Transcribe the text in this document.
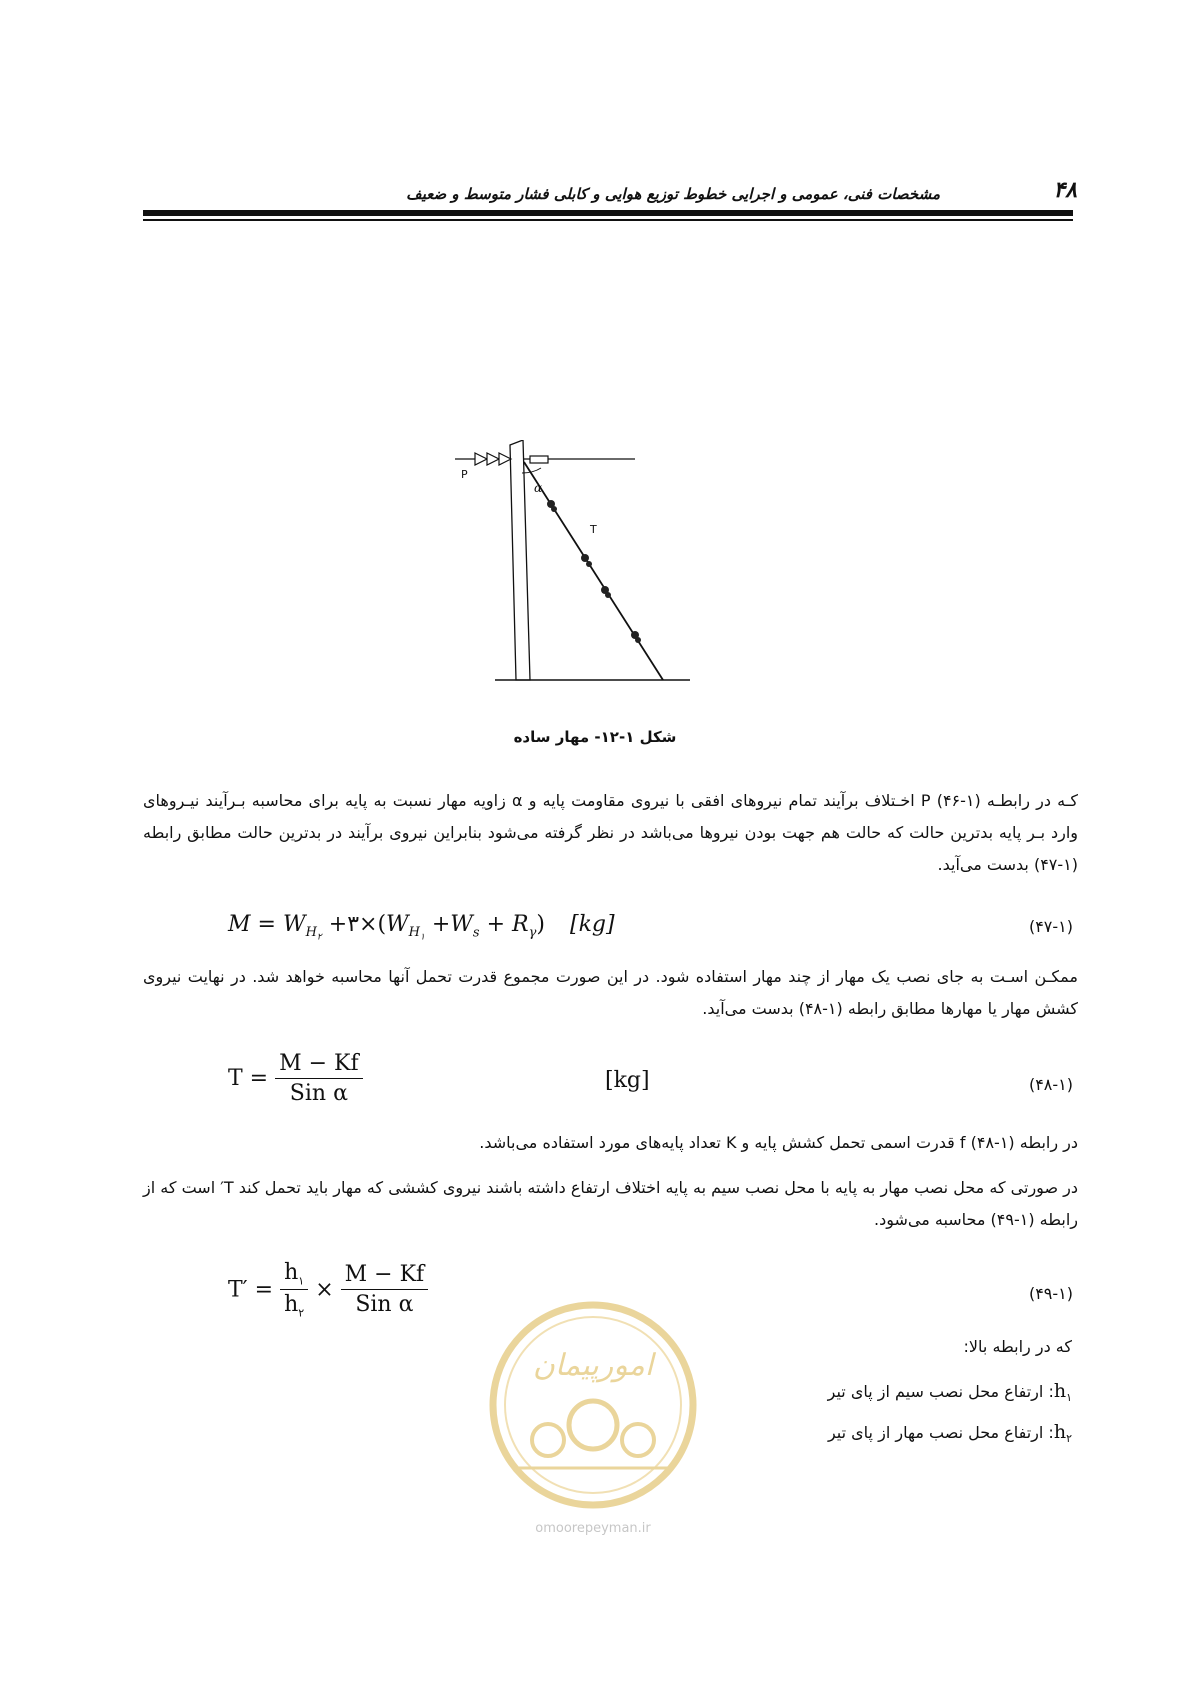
مشخصات فنی، عمومی و اجرایی خطوط توزیع هوایی و کابلی فشار متوسط و ضعیف	۴۸
P
α
T
شکل ۱-۱۲- مهار ساده
کـه در رابطـه (۱-۴۶) P اخـتلاف برآیند تمام نیروهای افقی با نیروی مقاومت پایه و α زاویه مهار نسبت به پایه برای محاسبه بـرآیند نیـروهای وارد بـر پایه بدترین حالت که حالت هم جهت بودن نیروها می‌باشد در نظر گرفته می‌شود بنابراین نیروی برآیند در بدترین حالت مطابق رابطه (۱-۴۷) بدست می‌آید.
$M = W_{H_۲}$ $+۳\times(W_{H_۱} +W_s + R_\gamma)$ [kg]	(۴۷-۱)
ممکـن اسـت به جای نصب یک مهار از چند مهار استفاده شود. در این صورت مجموع قدرت تحمل آنها محاسبه خواهد شد. در نهایت نیروی کشش مهار یا مهارها مطابق رابطه (۱-۴۸) بدست می‌آید.
$T = \frac{M - Kf}{\text{Sin α}}$	[kg]	(۴۸-۱)
در رابطه (۱-۴۸) f قدرت اسمی تحمل کشش پایه و K تعداد پایه‌های مورد استفاده می‌باشد.
در صورتی که محل نصب مهار به پایه با محل نصب سیم به پایه اختلاف ارتفاع داشته باشند نیروی کششی که مهار باید تحمل کند T′ است که از رابطه (۱-۴۹) محاسبه می‌شود.
$T' = \frac{h_۱}{h_۲} \times \frac{M - Kf}{\text{Sin α}}$	(۴۹-۱)
که در رابطه بالا:
$h_۱$: ارتفاع محل نصب سیم از پای تیر
$h_۲$: ارتفاع محل نصب مهار از پای تیر
امورپیمان
omoorepeyman.ir
